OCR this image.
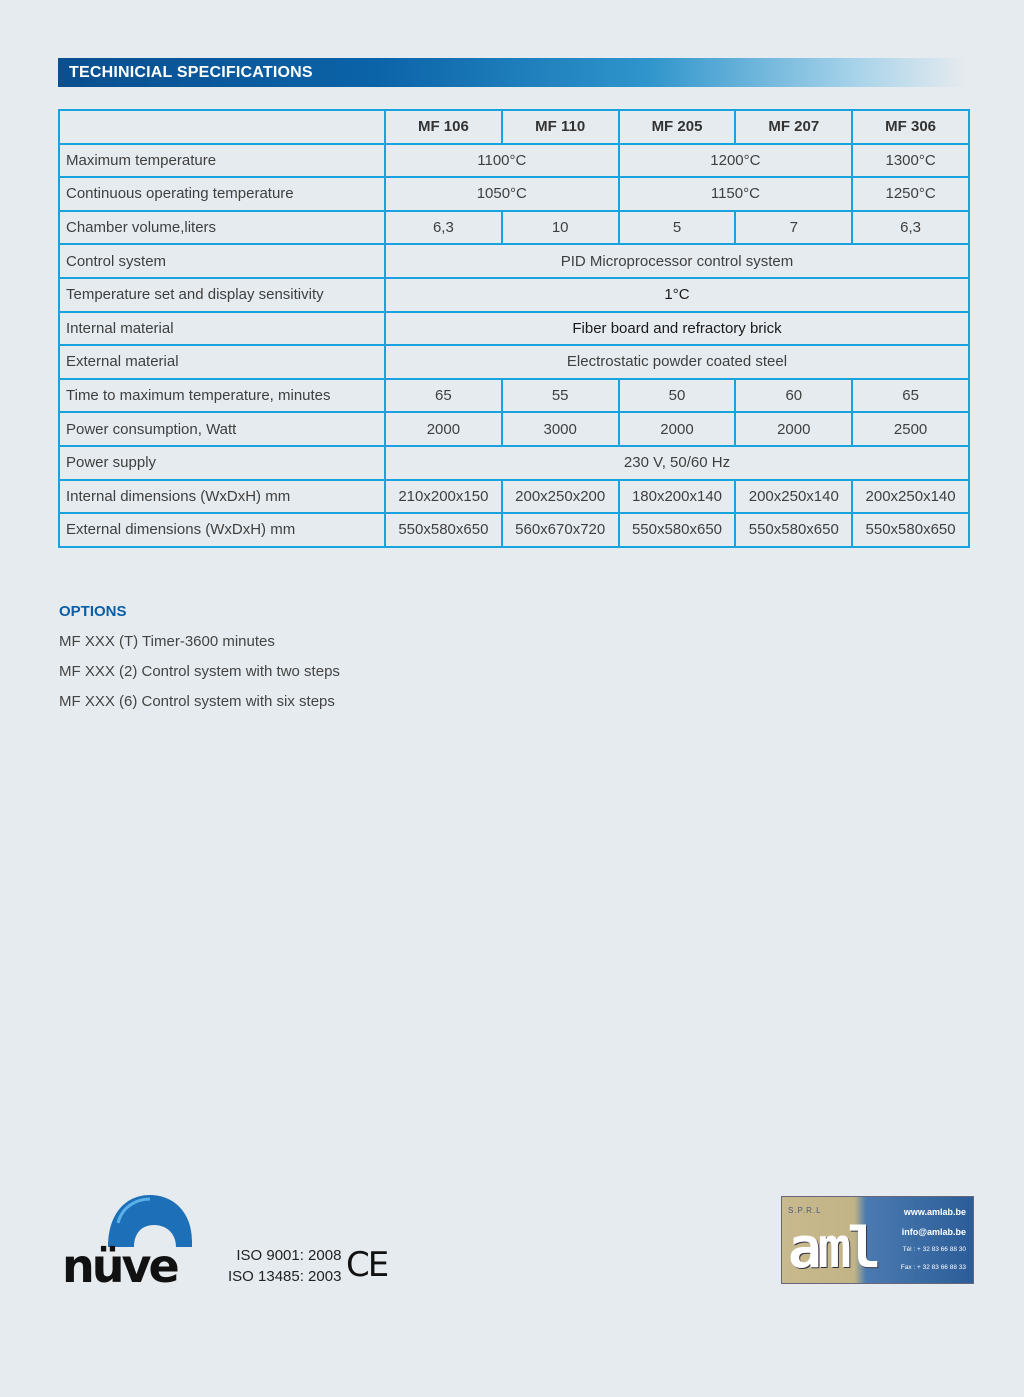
TECHINICIAL SPECIFICATIONS
	MF 106	MF 110	MF 205	MF 207	MF 306
Maximum temperature	1100°C		1200°C		1300°C
Continuous operating temperature	1050°C		1150°C		1250°C
Chamber volume,liters	6,3	10	5	7	6,3
Control system	PID Microprocessor control system				
Temperature set and display sensitivity	1°C				
Internal material	Fiber board and refractory brick				
External material	Electrostatic powder coated steel				
Time to maximum temperature, minutes	65	55	50	60	65
Power consumption, Watt	2000	3000	2000	2000	2500
Power supply	230 V, 50/60 Hz				
Internal dimensions (WxDxH) mm	210x200x150	200x250x200	180x200x140	200x250x140	200x250x140
External dimensions (WxDxH) mm	550x580x650	560x670x720	550x580x650	550x580x650	550x580x650
OPTIONS
MF XXX (T) Timer-3600 minutes
MF XXX (2) Control system with two steps
MF XXX (6) Control system with six steps
nüve	ISO 9001: 2008
ISO 13485: 2003 CE
S.P.R.L
aml
www.amlab.be
info@amlab.be
Tél : + 32 83 66 88 30
Fax : + 32 83 66 88 33
